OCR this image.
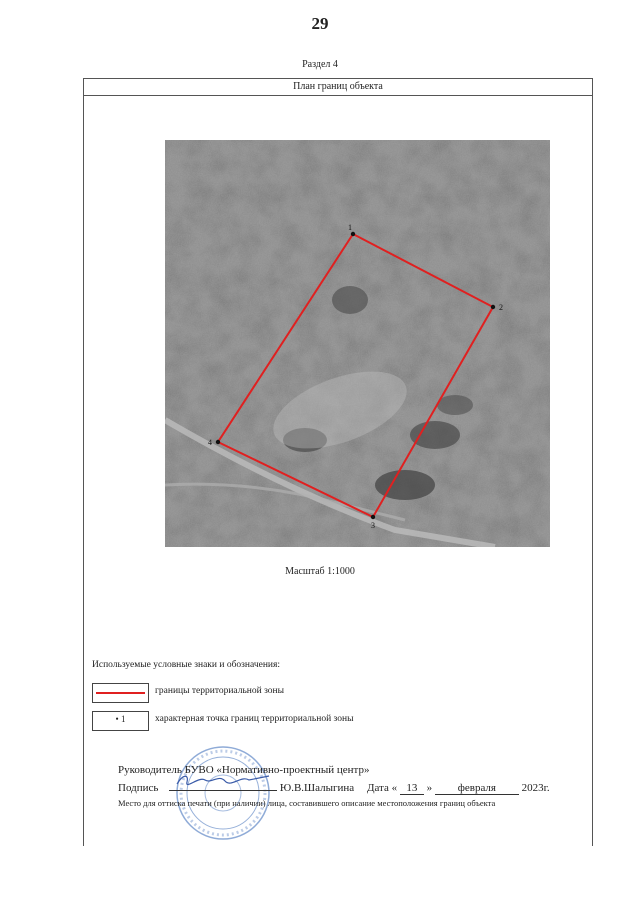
29
Раздел 4
План границ объекта
1
2
3
4
Масштаб 1:1000
Используемые условные знаки и обозначения:
границы территориальной зоны
• 1	характерная точка границ территориальной зоны
Руководитель БУВО «Нормативно-проектный центр»
Подпись	Ю.В.Шалыгина Дата « 13 » февраля 2023г.
Место для оттиска печати (при наличии) лица, составившего описание местоположения границ объекта
